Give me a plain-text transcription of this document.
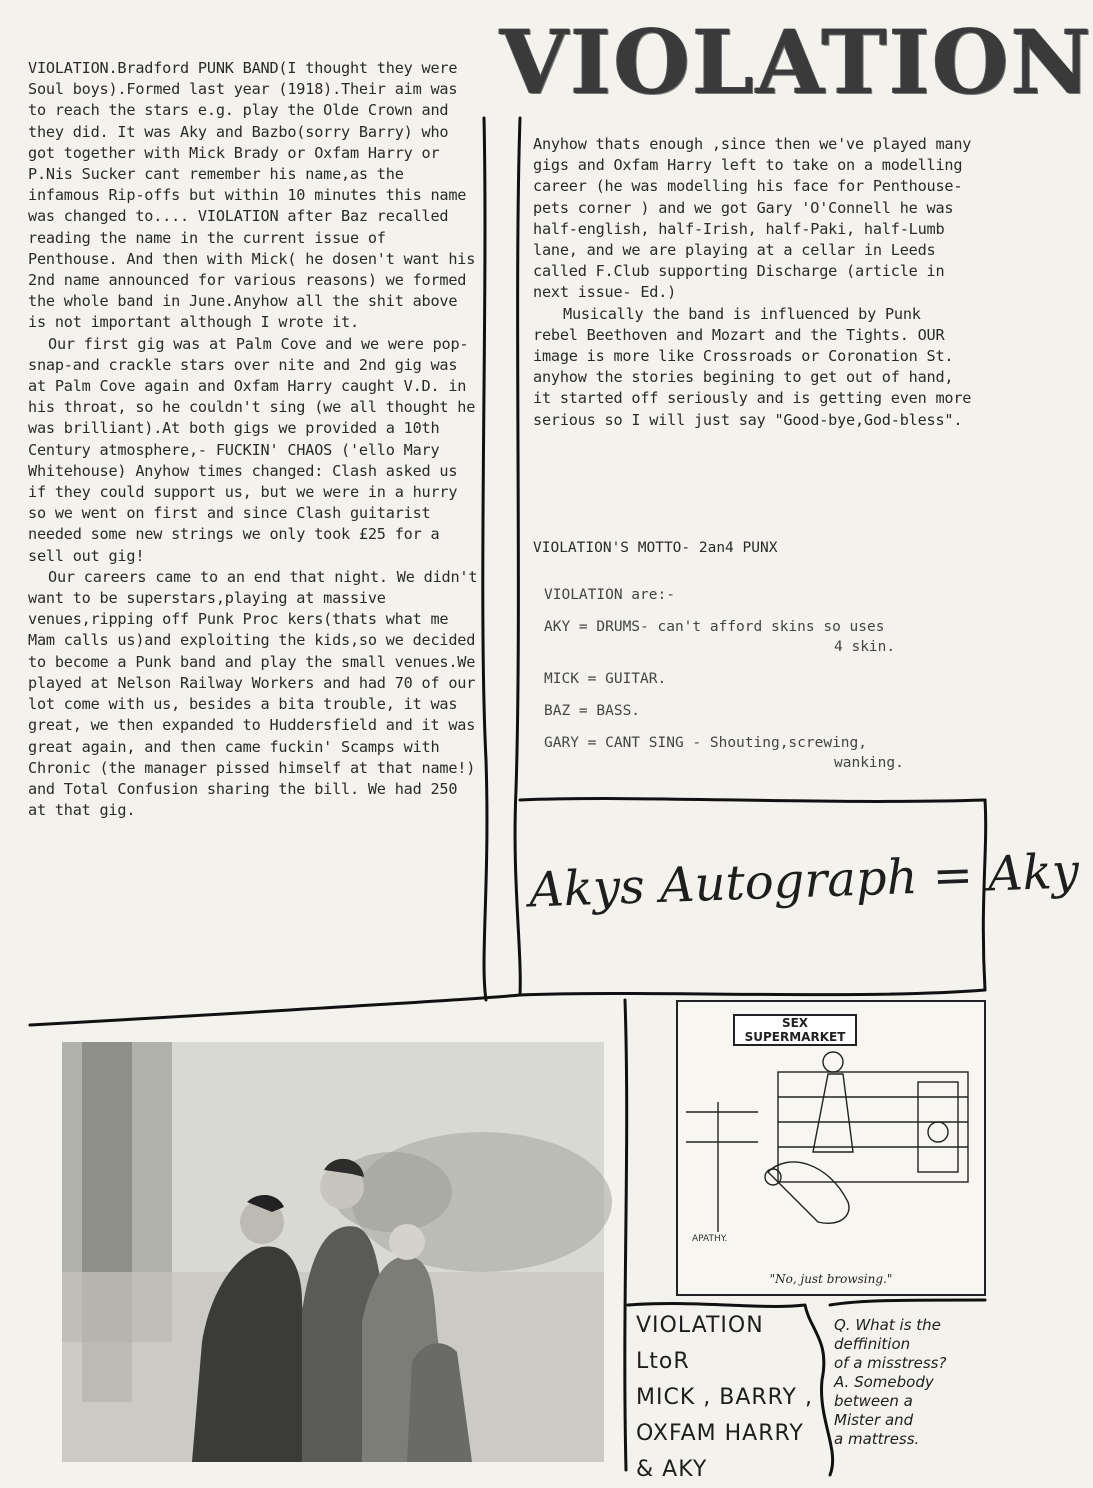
VIOLATION

VIOLATION.Bradford PUNK BAND(I thought they were Soul boys).Formed last year (1918).Their aim was to reach the stars e.g. play the Olde Crown and they did. It was Aky and Bazbo(sorry Barry) who got together with Mick Brady or Oxfam Harry or P.Nis Sucker cant remember his name,as the infamous Rip-offs but within 10 minutes this name was changed to.... VIOLATION after Baz recalled reading the name in the current issue of Penthouse. And then with Mick( he dosen't want his 2nd name announced for various reasons) we formed the whole band in June.Anyhow all the shit above is not important although I wrote it.

Our first gig was at Palm Cove and we were pop-snap-and crackle stars over nite and 2nd gig was at Palm Cove again and Oxfam Harry caught V.D. in his throat, so he couldn't sing (we all thought he was brilliant).At both gigs we provided a 10th Century atmosphere,- FUCKIN' CHAOS ('ello Mary Whitehouse) Anyhow times changed: Clash asked us if they could support us, but we were in a hurry so we went on first and since Clash guitarist needed some new strings we only took £25 for a sell out gig!

Our careers came to an end that night. We didn't want to be superstars,playing at massive venues,ripping off Punk Proc kers(thats what me Mam calls us)and exploiting the kids,so we decided to become a Punk band and play the small venues.We played at Nelson Railway Workers and had 70 of our lot come with us, besides a bita trouble, it was great, we then expanded to Huddersfield and it was great again, and then came fuckin' Scamps with Chronic (the manager pissed himself at that name!) and Total Confusion sharing the bill. We had 250 at that gig.

Anyhow thats enough ,since then we've played many gigs and Oxfam Harry left to take on a modelling career (he was modelling his face for Penthouse-pets corner ) and we got Gary 'O'Connell he was half-english, half-Irish, half-Paki, half-Lumb lane, and we are playing at a cellar in Leeds called F.Club supporting Discharge (article in next issue- Ed.)

Musically the band is influenced by Punk rebel Beethoven and Mozart and the Tights. OUR image is more like Crossroads or Coronation St. anyhow the stories begining to get out of hand, it started off seriously and is getting even more serious so I will just say "Good-bye,God-bless".

VIOLATION'S MOTTO- 2an4 PUNX
VIOLATION are:-
AKY = DRUMS- can't afford skins so uses
4 skin.
MICK = GUITAR.
BAZ = BASS.
GARY = CANT SING - Shouting,screwing,
wanking.
Akys Autograph = Aky
SEX SUPERMARKET
APATHY.
"No, just browsing."
VIOLATION
LtoR
MICK , BARRY ,
OXFAM HARRY
& AKY
Q. What is the
deffinition
of a misstress?
A. Somebody
between a
Mister and
a mattress.
